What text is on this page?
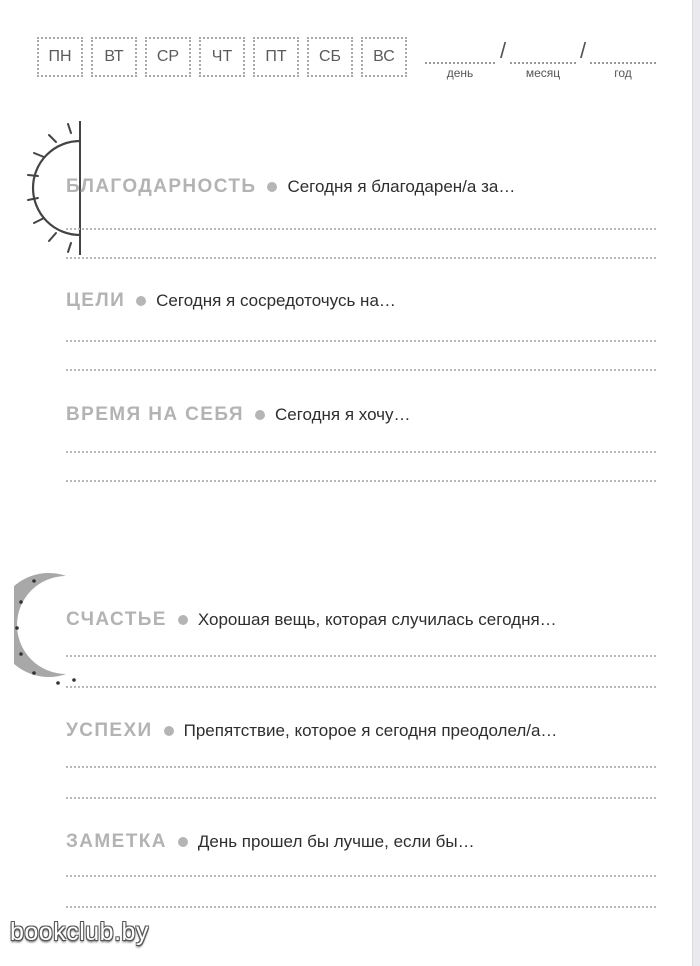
ПН	ВТ	СР	ЧТ	ПТ	СБ	ВС
день
/
месяц
/
год
БЛАГОДАРНОСТЬ Сегодня я благодарен/а за…
ЦЕЛИ Сегодня я сосредоточусь на…
ВРЕМЯ НА СЕБЯ Сегодня я хочу…
СЧАСТЬЕ Хорошая вещь, которая случилась сегодня…
УСПЕХИ Препятствие, которое я сегодня преодолел/а…
ЗАМЕТКА День прошел бы лучше, если бы…
bookclub.by
